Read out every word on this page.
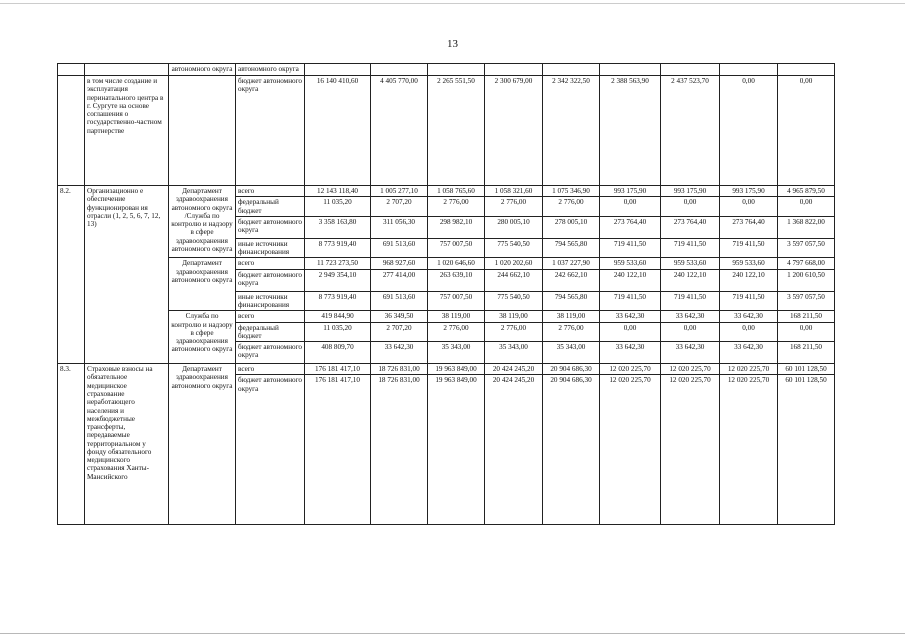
13
		автономного округа	автономного округа									
	в том числе создание и эксплуатация перинатального центра в г. Сургуте на основе соглашения о государственно-частном партнерстве		бюджет автономного округа	16 140 410,60	4 405 770,00	2 265 551,50	2 300 679,00	2 342 322,50	2 388 563,90	2 437 523,70	0,00	0,00
8.2.	Организационно е обеспечение функционирован ия отрасли (1, 2, 5, 6, 7, 12, 13)	Департамент здравоохранения автономного округа /Служба по контролю и надзору в сфере здравоохранения автономного округа	всего	12 143 118,40	1 005 277,10	1 058 765,60	1 058 321,60	1 075 346,90	993 175,90	993 175,90	993 175,90	4 965 879,50
			федеральный бюджет	11 035,20	2 707,20	2 776,00	2 776,00	2 776,00	0,00	0,00	0,00	0,00
			бюджет автономного округа	3 358 163,80	311 056,30	298 982,10	280 005,10	278 005,10	273 764,40	273 764,40	273 764,40	1 368 822,00
			иные источники финансирования	8 773 919,40	691 513,60	757 007,50	775 540,50	794 565,80	719 411,50	719 411,50	719 411,50	3 597 057,50
		Департамент здравоохранения автономного округа	всего	11 723 273,50	968 927,60	1 020 646,60	1 020 202,60	1 037 227,90	959 533,60	959 533,60	959 533,60	4 797 668,00
			бюджет автономного округа	2 949 354,10	277 414,00	263 639,10	244 662,10	242 662,10	240 122,10	240 122,10	240 122,10	1 200 610,50
			иные источники финансирования	8 773 919,40	691 513,60	757 007,50	775 540,50	794 565,80	719 411,50	719 411,50	719 411,50	3 597 057,50
		Служба по контролю и надзору в сфере здравоохранения автономного округа	всего	419 844,90	36 349,50	38 119,00	38 119,00	38 119,00	33 642,30	33 642,30	33 642,30	168 211,50
			федеральный бюджет	11 035,20	2 707,20	2 776,00	2 776,00	2 776,00	0,00	0,00	0,00	0,00
			бюджет автономного округа	408 809,70	33 642,30	35 343,00	35 343,00	35 343,00	33 642,30	33 642,30	33 642,30	168 211,50
8.3.	Страховые взносы на обязательное медицинское страхование неработающего населения и межбюджетные трансферты, передаваемые территориальном у фонду обязательного медицинского страхования Ханты-Мансийского	Департамент здравоохранения автономного округа	всего	176 181 417,10	18 726 831,00	19 963 849,00	20 424 245,20	20 904 686,30	12 020 225,70	12 020 225,70	12 020 225,70	60 101 128,50
			бюджет автономного округа	176 181 417,10	18 726 831,00	19 963 849,00	20 424 245,20	20 904 686,30	12 020 225,70	12 020 225,70	12 020 225,70	60 101 128,50
